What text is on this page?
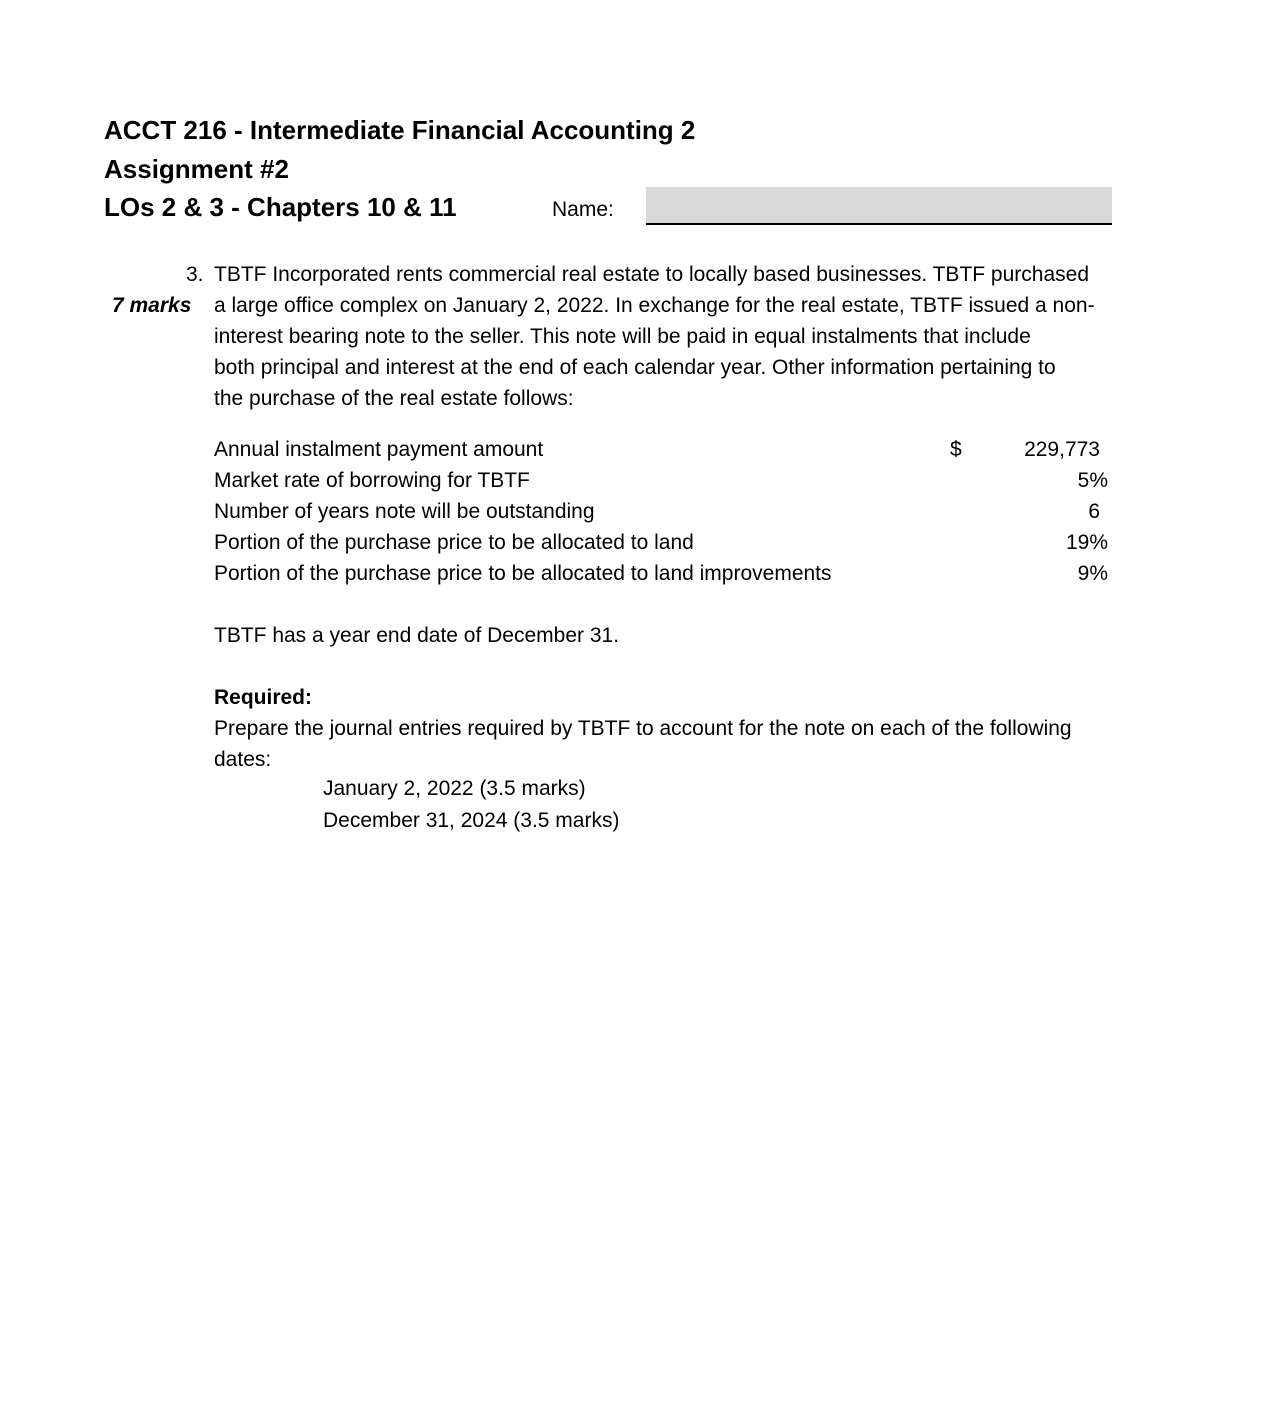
ACCT 216 - Intermediate Financial Accounting 2
Assignment #2
LOs 2 & 3 - Chapters 10 & 11	Name:
3.
7 marks
TBTF Incorporated rents commercial real estate to locally based businesses. TBTF purchased
a large office complex on January 2, 2022. In exchange for the real estate, TBTF issued a non-
interest bearing note to the seller. This note will be paid in equal instalments that include
both principal and interest at the end of each calendar year. Other information pertaining to
the purchase of the real estate follows:
Annual instalment payment amount	$	229,773
Market rate of borrowing for TBTF	5%
Number of years note will be outstanding	6
Portion of the purchase price to be allocated to land	19%
Portion of the purchase price to be allocated to land improvements	9%
TBTF has a year end date of December 31.
Required:
Prepare the journal entries required by TBTF to account for the note on each of the following
dates:
January 2, 2022 (3.5 marks)
December 31, 2024 (3.5 marks)
